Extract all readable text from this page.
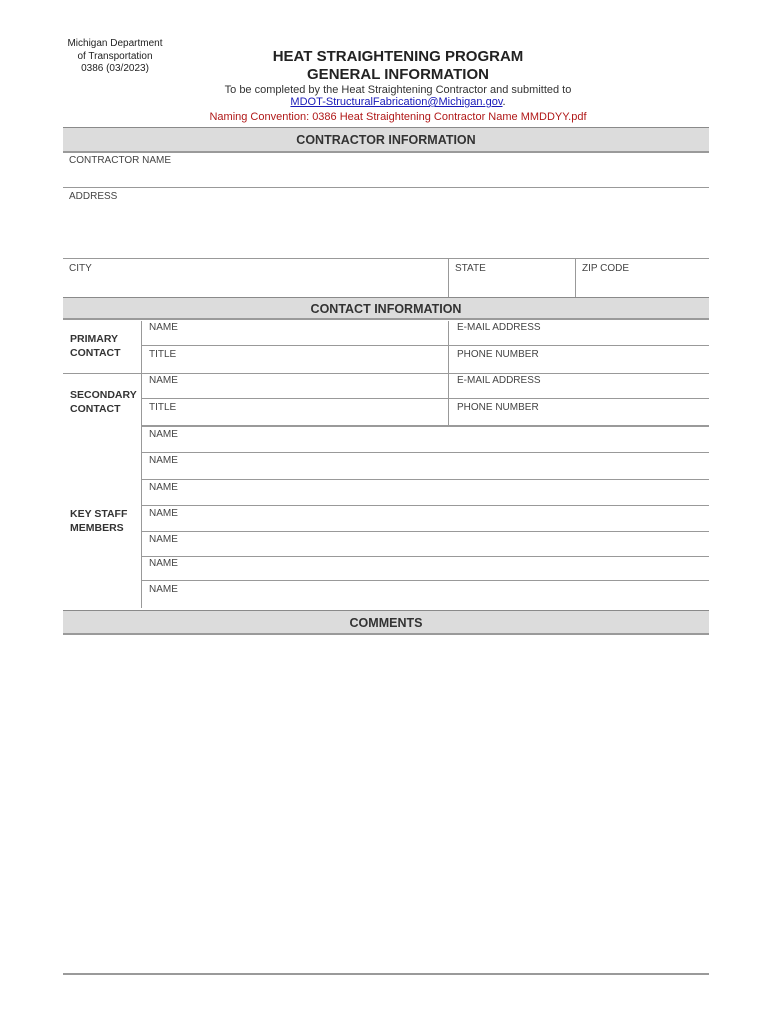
Michigan Department
of Transportation
0386 (03/2023)
HEAT STRAIGHTENING PROGRAM
GENERAL INFORMATION
To be completed by the Heat Straightening Contractor and submitted to
MDOT-StructuralFabrication@Michigan.gov.
Naming Convention: 0386 Heat Straightening Contractor Name MMDDYY.pdf
CONTRACTOR INFORMATION
CONTRACTOR NAME
ADDRESS
CITY	STATE	ZIP CODE
CONTACT INFORMATION
PRIMARY
CONTACT
NAME	E-MAIL ADDRESS
TITLE	PHONE NUMBER
SECONDARY
CONTACT
NAME	E-MAIL ADDRESS
TITLE	PHONE NUMBER
KEY STAFF
MEMBERS
NAME
NAME
NAME
NAME
NAME
NAME
NAME
COMMENTS
